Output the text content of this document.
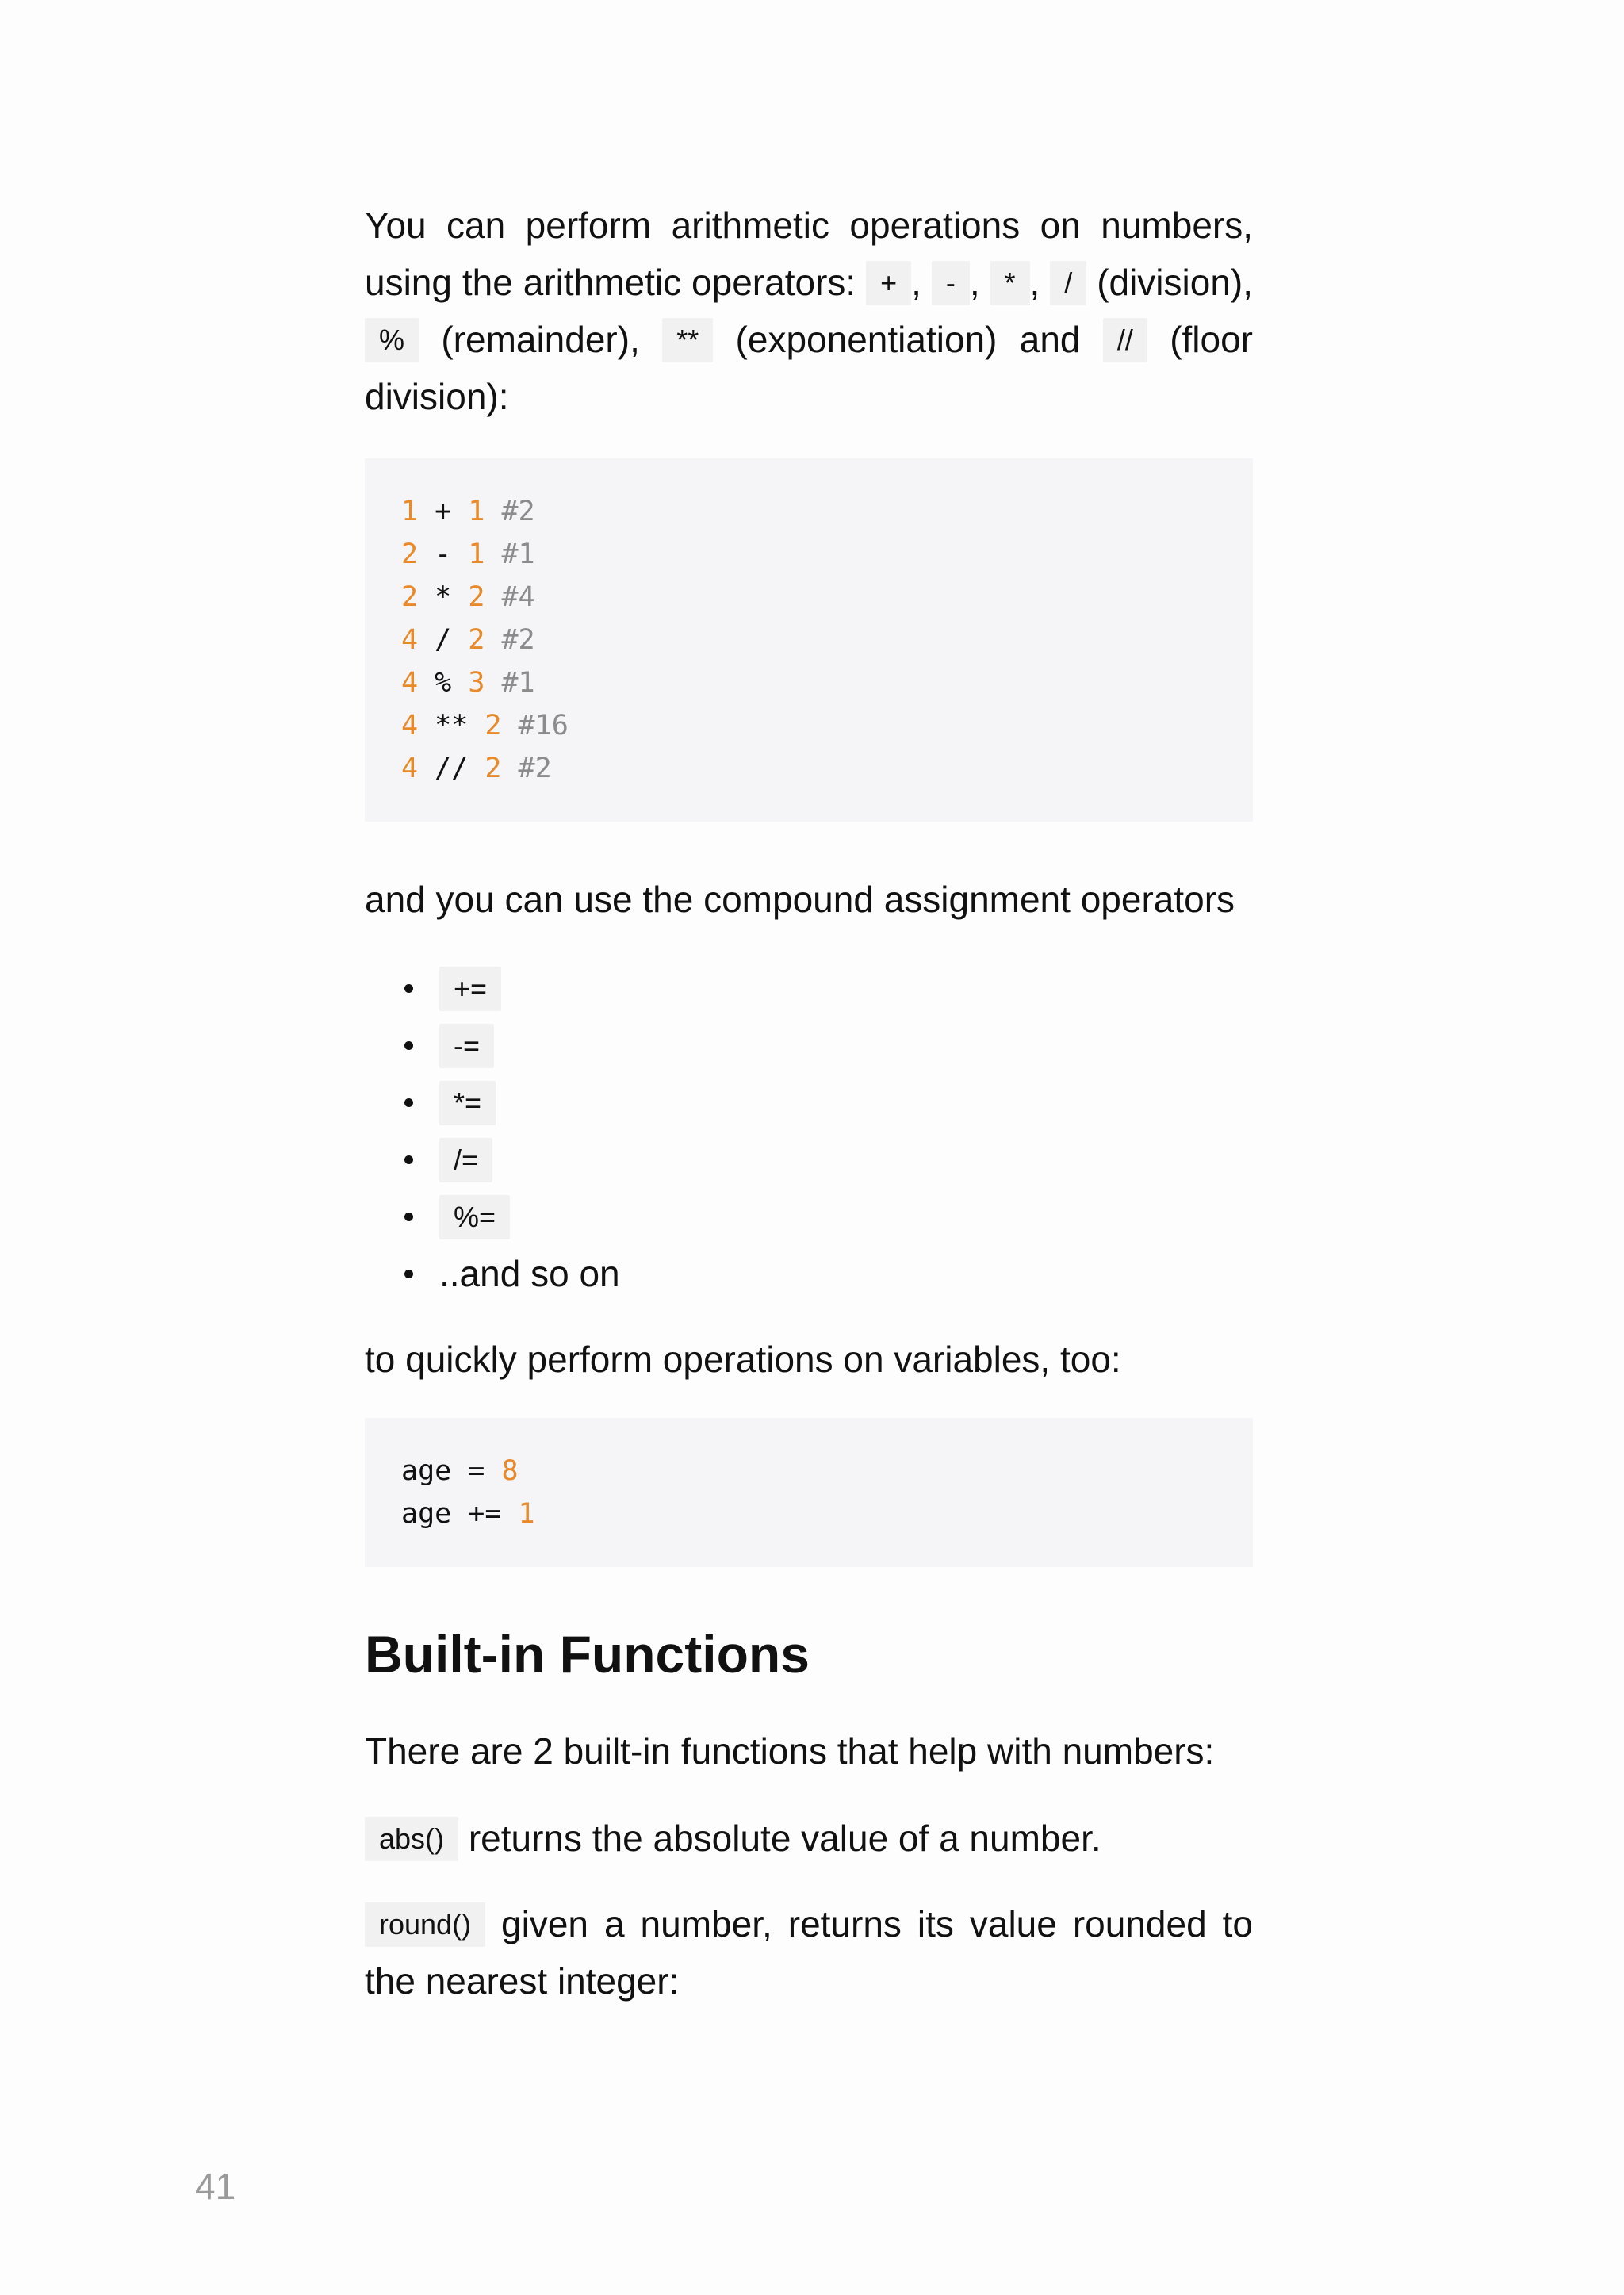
You can perform arithmetic operations on numbers, using the arithmetic operators: + , - , * , / (division), % (remainder), ** (exponentiation) and // (floor division):

1 + 1 #2
2 - 1 #1
2 * 2 #4
4 / 2 #2
4 % 3 #1
4 ** 2 #16
4 // 2 #2

and you can use the compound assignment operators

+=
-=
*=
/=
%=
..and so on

to quickly perform operations on variables, too:

age = 8
age += 1
Built-in Functions

There are 2 built-in functions that help with numbers:

abs() returns the absolute value of a number.

round() given a number, returns its value rounded to the nearest integer:

41
